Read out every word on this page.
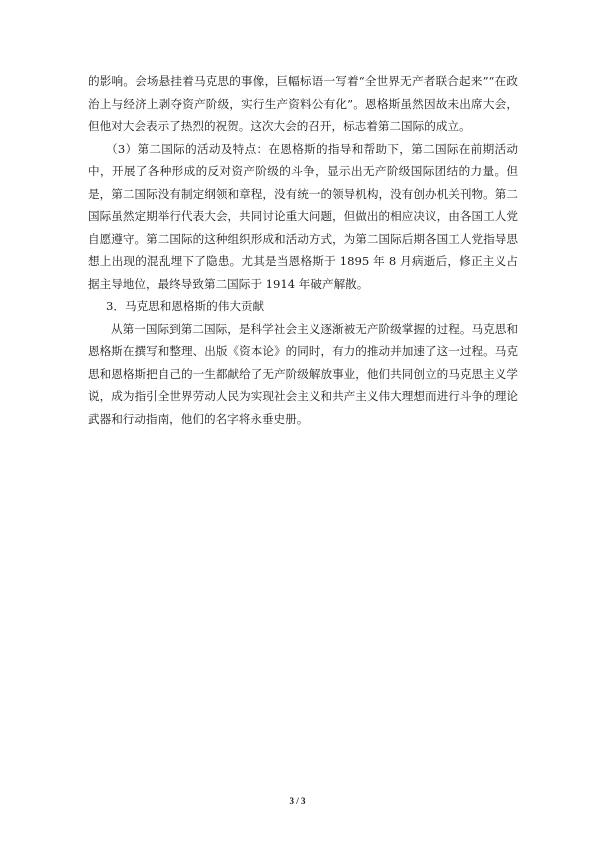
的影响。会场悬挂着马克思的事像，巨幅标语一写着“全世界无产者联合起来”“在政治上与经济上剥夺资产阶级，实行生产资料公有化”。恩格斯虽然因故未出席大会，但他对大会表示了热烈的祝贺。这次大会的召开，标志着第二国际的成立。

（3）第二国际的活动及特点：在恩格斯的指导和帮助下，第二国际在前期活动中，开展了各种形成的反对资产阶级的斗争，显示出无产阶级国际团结的力量。但是，第二国际没有制定纲领和章程，没有统一的领导机构，没有创办机关刊物。第二国际虽然定期举行代表大会，共同讨论重大问题，但做出的相应决议，由各国工人党自愿遵守。第二国际的这种组织形成和活动方式，为第二国际后期各国工人党指导思想上出现的混乱埋下了隐患。尤其是当恩格斯于 1895 年 8 月病逝后，修正主义占据主导地位，最终导致第二国际于 1914 年破产解散。

3．马克思和恩格斯的伟大贡献

从第一国际到第二国际，是科学社会主义逐渐被无产阶级掌握的过程。马克思和恩格斯在撰写和整理、出版《资本论》的同时，有力的推动并加速了这一过程。马克思和恩格斯把自己的一生都献给了无产阶级解放事业，他们共同创立的马克思主义学说，成为指引全世界劳动人民为实现社会主义和共产主义伟大理想而进行斗争的理论武器和行动指南，他们的名字将永垂史册。

3 / 3
